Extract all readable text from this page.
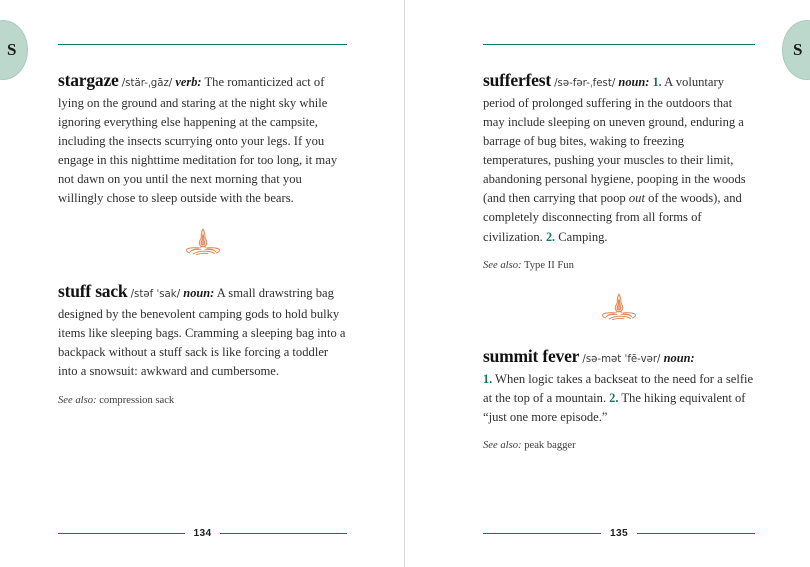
S
stargaze /stär-ˌgāz/ verb: The romanticized act of lying on the ground and staring at the night sky while ignoring everything else happening at the campsite, including the insects scurrying onto your legs. If you engage in this nighttime meditation for too long, it may not dawn on you until the next morning that you willingly chose to sleep outside with the bears.
stuff sack /stəf ˈsak/ noun: A small drawstring bag designed by the benevolent camping gods to hold bulky items like sleeping bags. Cramming a sleeping bag into a backpack without a stuff sack is like forcing a toddler into a snowsuit: awkward and cumbersome.
See also: compression sack
134
S
sufferfest /sə-fər-ˌfest/ noun: 1. A voluntary period of prolonged suffering in the outdoors that may include sleeping on uneven ground, enduring a barrage of bug bites, waking to freezing temperatures, pushing your muscles to their limit, abandoning personal hygiene, pooping in the woods (and then carrying that poop out of the woods), and completely disconnecting from all forms of civilization. 2. Camping.
See also: Type II Fun
summit fever /sə-mət ˈfē-vər/ noun:
1. When logic takes a backseat to the need for a selfie at the top of a mountain. 2. The hiking equivalent of “just one more episode.”
See also: peak bagger
135
